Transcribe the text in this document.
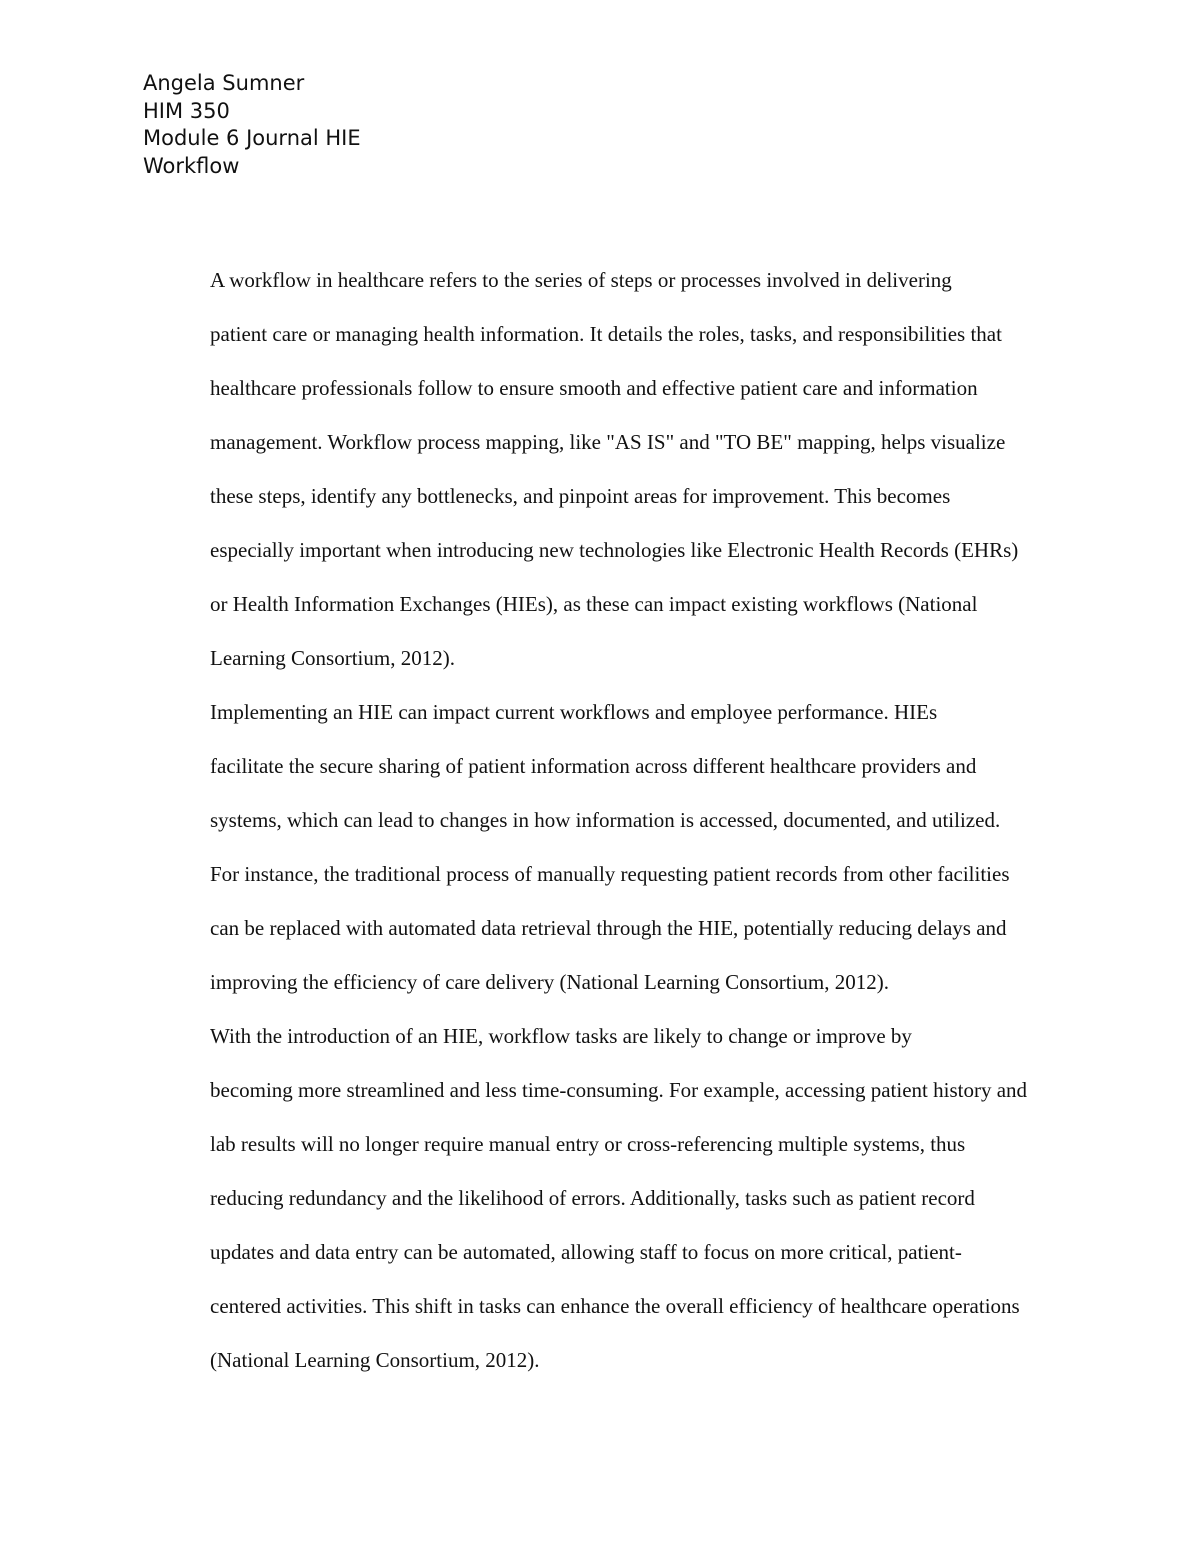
Angela Sumner
HIM 350
Module 6 Journal HIE
Workflow

A workflow in healthcare refers to the series of steps or processes involved in delivering
patient care or managing health information. It details the roles, tasks, and responsibilities that
healthcare professionals follow to ensure smooth and effective patient care and information
management. Workflow process mapping, like "AS IS" and "TO BE" mapping, helps visualize
these steps, identify any bottlenecks, and pinpoint areas for improvement. This becomes
especially important when introducing new technologies like Electronic Health Records (EHRs)
or Health Information Exchanges (HIEs), as these can impact existing workflows (National
Learning Consortium, 2012).

Implementing an HIE can impact current workflows and employee performance. HIEs
facilitate the secure sharing of patient information across different healthcare providers and
systems, which can lead to changes in how information is accessed, documented, and utilized.
For instance, the traditional process of manually requesting patient records from other facilities
can be replaced with automated data retrieval through the HIE, potentially reducing delays and
improving the efficiency of care delivery (National Learning Consortium, 2012).

With the introduction of an HIE, workflow tasks are likely to change or improve by
becoming more streamlined and less time-consuming. For example, accessing patient history and
lab results will no longer require manual entry or cross-referencing multiple systems, thus
reducing redundancy and the likelihood of errors. Additionally, tasks such as patient record
updates and data entry can be automated, allowing staff to focus on more critical, patient-
centered activities. This shift in tasks can enhance the overall efficiency of healthcare operations
(National Learning Consortium, 2012).
